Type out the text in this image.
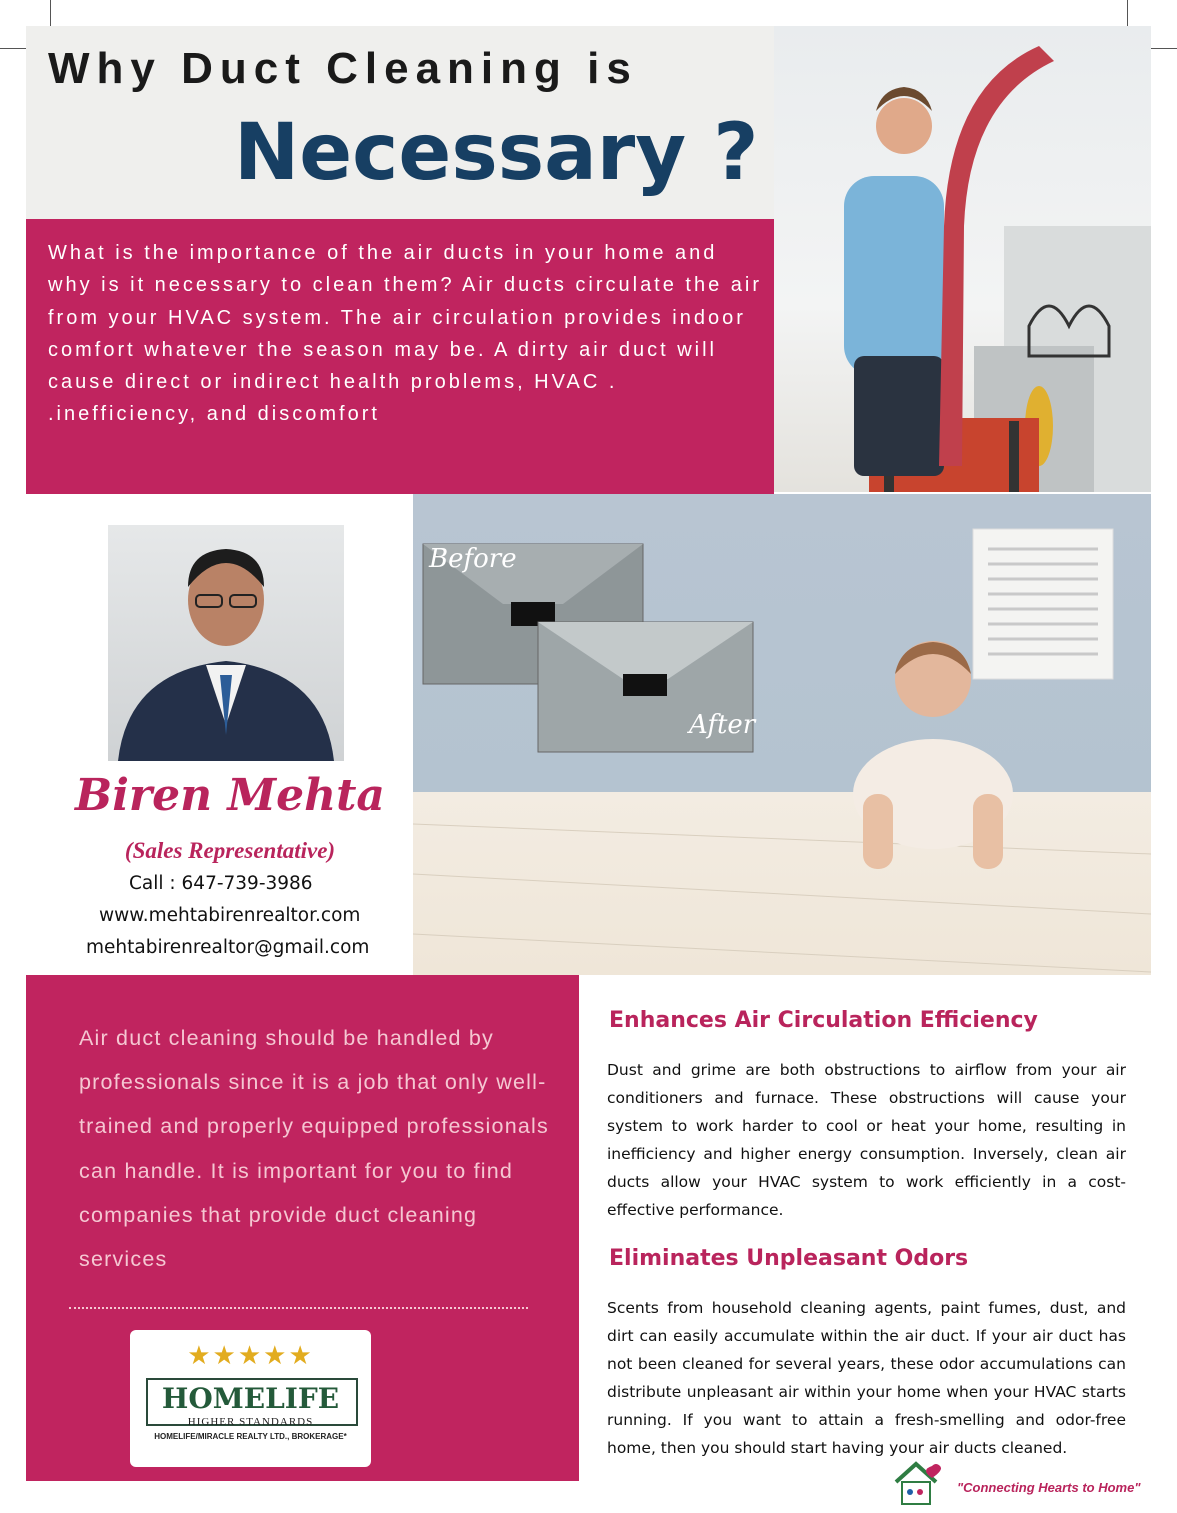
Why Duct Cleaning is
Necessary ?
What is the importance of the air ducts in your home and why is it necessary to clean them? Air ducts circulate the air from your HVAC system. The air circulation provides indoor comfort whatever the season may be. A dirty air duct will cause direct or indirect health problems, HVAC . .inefficiency, and discomfort
Before
After
Biren Mehta
(Sales Representative)
Call : 647-739-3986
www.mehtabirenrealtor.com
mehtabirenrealtor@gmail.com
Air duct cleaning should be handled by professionals since it is a job that only well-trained and properly equipped professionals can handle. It is important for you to find companies that provide duct cleaning services
★★★★★
HOMELIFE
HIGHER STANDARDS
HOMELIFE/MIRACLE REALTY LTD., BROKERAGE*
Enhances Air Circulation Efficiency
Dust and grime are both obstructions to airflow from your air conditioners and furnace. These obstructions will cause your system to work harder to cool or heat your home, resulting in inefficiency and higher energy consumption. Inversely, clean air ducts allow your HVAC system to work efficiently in a cost-effective performance.
Eliminates Unpleasant Odors
Scents from household cleaning agents, paint fumes, dust, and dirt can easily accumulate within the air duct. If your air duct has not been cleaned for several years, these odor accumulations can distribute unpleasant air within your home when your HVAC starts running. If you want to attain a fresh-smelling and odor-free home, then you should start having your air ducts cleaned.
"Connecting Hearts to Home"
